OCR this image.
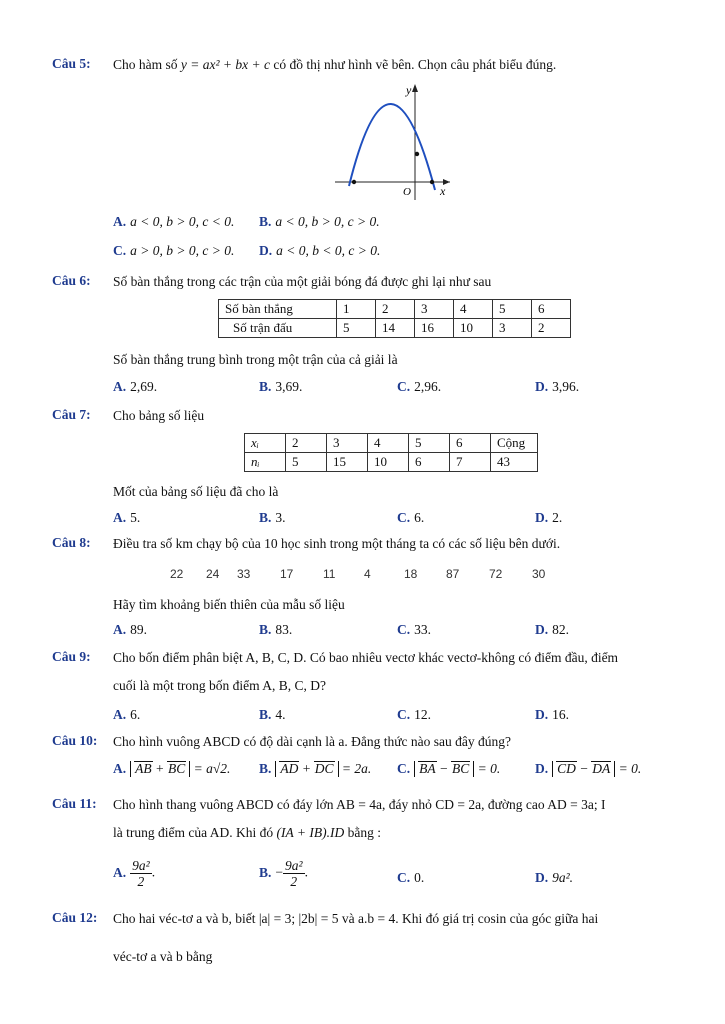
Câu 5:	Cho hàm số y = ax² + bx + c có đồ thị như hình vẽ bên. Chọn câu phát biểu đúng.
y
x
O
A. a < 0, b > 0, c < 0. B. a < 0, b > 0, c > 0.
C. a > 0, b > 0, c > 0. D. a < 0, b < 0, c > 0.
Câu 6:	Số bàn thắng trong các trận của một giải bóng đá được ghi lại như sau
Số bàn thắng	1	2	3	4	5	6
Số trận đấu	5	14	16	10	3	2
Số bàn thắng trung bình trong một trận của cả giải là
A. 2,69.	B. 3,69.	C. 2,96.	D. 3,96.
Câu 7:	Cho bảng số liệu
xᵢ	2	3	4	5	6	Cộng
nᵢ	5	15	10	6	7	43
Mốt của bảng số liệu đã cho là
A. 5.	B. 3.	C. 6.	D. 2.
Câu 8:	Điều tra số km chạy bộ của 10 học sinh trong một tháng ta có các số liệu bên dưới.
22 24 33 17 11 4	18 87 72 30
Hãy tìm khoảng biến thiên của mẫu số liệu
A. 89.	B. 83.	C. 33.	D. 82.
Câu 9:	Cho bốn điểm phân biệt A, B, C, D. Có bao nhiêu vectơ khác vectơ-không có điểm đầu, điểm
cuối là một trong bốn điểm A, B, C, D?
A. 6.	B. 4.	C. 12.	D. 16.
Câu 10:	Cho hình vuông ABCD có độ dài cạnh là a. Đẳng thức nào sau đây đúng?
A. AB + BC = a√2. B. AD + DC = 2a. C. BA − BC = 0.	D. CD − DA = 0.
Câu 11:	Cho hình thang vuông ABCD có đáy lớn AB = 4a, đáy nhỏ CD = 2a, đường cao AD = 3a; I
là trung điểm của AD. Khi đó (IA + IB).ID bằng :
A. $\frac{\text{9a²}}{2}$ .	B. − $\frac{\text{9a²}}{2}$ .	C. 0.	D. 9a².
Câu 12:	Cho hai véc-tơ a và b, biết |a| = 3; |2b| = 5 và a.b = 4. Khi đó giá trị cosin của góc giữa hai
véc-tơ a và b bằng
